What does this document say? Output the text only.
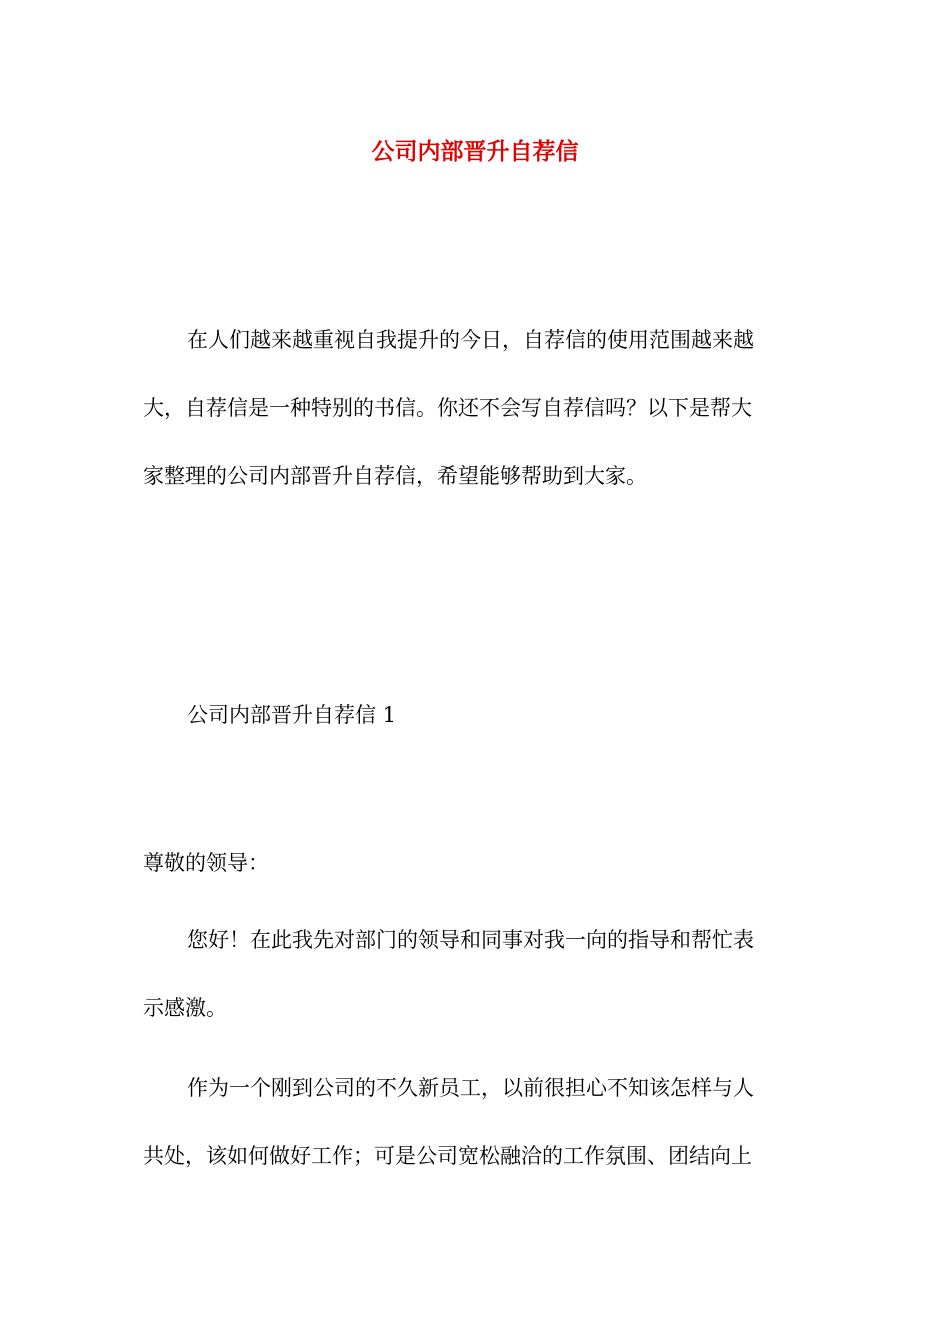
公司内部晋升自荐信
在人们越来越重视自我提升的今日，自荐信的使用范围越来越
大，自荐信是一种特别的书信。你还不会写自荐信吗？以下是帮大
家整理的公司内部晋升自荐信，希望能够帮助到大家。
公司内部晋升自荐信 1
尊敬的领导：
您好！在此我先对部门的领导和同事对我一向的指导和帮忙表
示感激。
作为一个刚到公司的不久新员工，以前很担心不知该怎样与人
共处，该如何做好工作；可是公司宽松融洽的工作氛围、团结向上
